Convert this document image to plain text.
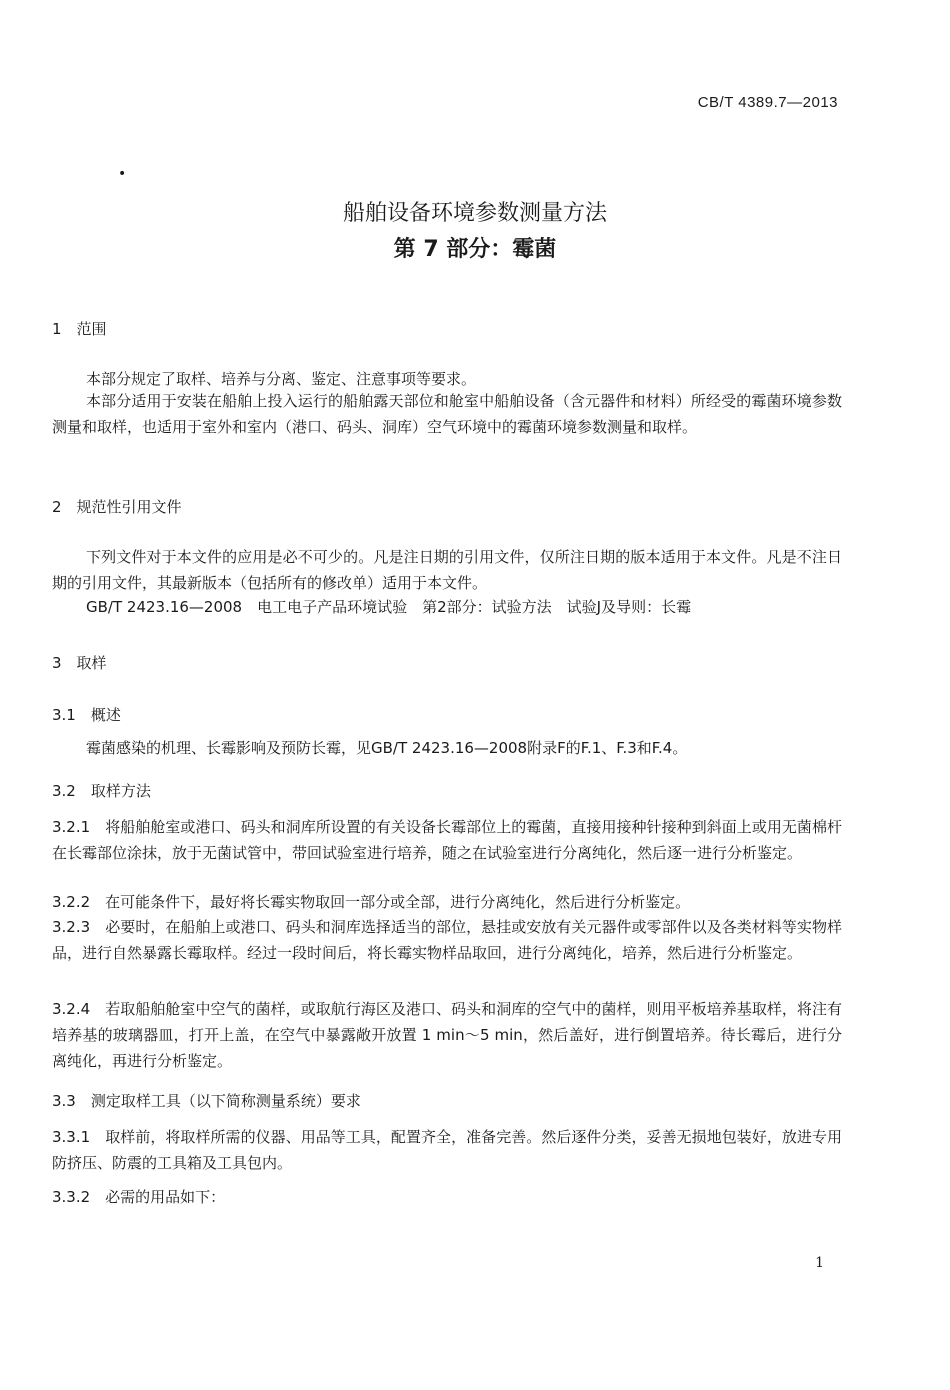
CB/T 4389.7—2013
•
船舶设备环境参数测量方法
第 7 部分：霉菌
1　范围
本部分规定了取样、培养与分离、鉴定、注意事项等要求。
本部分适用于安装在船舶上投入运行的船舶露天部位和舱室中船舶设备（含元器件和材料）所经受的霉菌环境参数测量和取样，也适用于室外和室内（港口、码头、洞库）空气环境中的霉菌环境参数测量和取样。
2　规范性引用文件
下列文件对于本文件的应用是必不可少的。凡是注日期的引用文件，仅所注日期的版本适用于本文件。凡是不注日期的引用文件，其最新版本（包括所有的修改单）适用于本文件。
GB/T 2423.16—2008　电工电子产品环境试验　第2部分：试验方法　试验J及导则：长霉
3　取样
3.1　概述
霉菌感染的机理、长霉影响及预防长霉，见GB/T 2423.16—2008附录F的F.1、F.3和F.4。
3.2　取样方法
3.2.1　将船舶舱室或港口、码头和洞库所设置的有关设备长霉部位上的霉菌，直接用接种针接种到斜面上或用无菌棉杆在长霉部位涂抹，放于无菌试管中，带回试验室进行培养，随之在试验室进行分离纯化，然后逐一进行分析鉴定。
3.2.2　在可能条件下，最好将长霉实物取回一部分或全部，进行分离纯化，然后进行分析鉴定。
3.2.3　必要时，在船舶上或港口、码头和洞库选择适当的部位，悬挂或安放有关元器件或零部件以及各类材料等实物样品，进行自然暴露长霉取样。经过一段时间后，将长霉实物样品取回，进行分离纯化，培养，然后进行分析鉴定。
3.2.4　若取船舶舱室中空气的菌样，或取航行海区及港口、码头和洞库的空气中的菌样，则用平板培养基取样，将注有培养基的玻璃器皿，打开上盖，在空气中暴露敞开放置 1 min～5 min，然后盖好，进行倒置培养。待长霉后，进行分离纯化，再进行分析鉴定。
3.3　测定取样工具（以下简称测量系统）要求
3.3.1　取样前，将取样所需的仪器、用品等工具，配置齐全，准备完善。然后逐件分类，妥善无损地包装好，放进专用防挤压、防震的工具箱及工具包内。
3.3.2　必需的用品如下：
1
